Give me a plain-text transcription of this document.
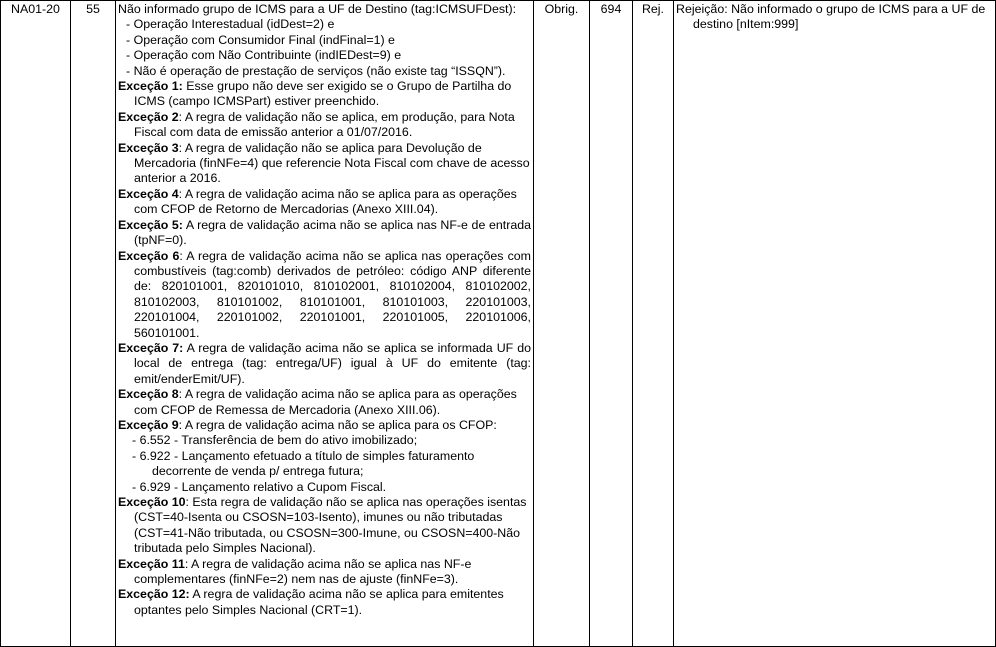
NA01-20	55	Não informado grupo de ICMS para a UF de Destino (tag:ICMSUFDest):
- Operação Interestadual (idDest=2) e
- Operação com Consumidor Final (indFinal=1) e
- Operação com Não Contribuinte (indIEDest=9) e
- Não é operação de prestação de serviços (não existe tag “ISSQN”).
Exceção 1: Esse grupo não deve ser exigido se o Grupo de Partilha do ICMS (campo ICMSPart) estiver preenchido.
Exceção 2: A regra de validação não se aplica, em produção, para Nota Fiscal com data de emissão anterior a 01/07/2016.
Exceção 3: A regra de validação não se aplica para Devolução de Mercadoria (finNFe=4) que referencie Nota Fiscal com chave de acesso anterior a 2016.
Exceção 4: A regra de validação acima não se aplica para as operações com CFOP de Retorno de Mercadorias (Anexo XIII.04).
Exceção 5: A regra de validação acima não se aplica nas NF-e de entrada (tpNF=0).
Exceção 6: A regra de validação acima não se aplica nas operações com combustíveis (tag:comb) derivados de petróleo: código ANP diferente de: 820101001, 820101010, 810102001, 810102004, 810102002, 810102003, 810101002, 810101001, 810101003, 220101003, 220101004, 220101002, 220101001, 220101005, 220101006, 560101001.
Exceção 7: A regra de validação acima não se aplica se informada UF do local de entrega (tag: entrega/UF) igual à UF do emitente (tag: emit/enderEmit/UF).
Exceção 8: A regra de validação acima não se aplica para as operações com CFOP de Remessa de Mercadoria (Anexo XIII.06).
Exceção 9: A regra de validação acima não se aplica para os CFOP:
- 6.552 - Transferência de bem do ativo imobilizado;
- 6.922 - Lançamento efetuado a título de simples faturamento decorrente de venda p/ entrega futura;
- 6.929 - Lançamento relativo a Cupom Fiscal.
Exceção 10: Esta regra de validação não se aplica nas operações isentas (CST=40-Isenta ou CSOSN=103-Isento), imunes ou não tributadas (CST=41-Não tributada, ou CSOSN=300-Imune, ou CSOSN=400-Não tributada pelo Simples Nacional).
Exceção 11: A regra de validação acima não se aplica nas NF-e complementares (finNFe=2) nem nas de ajuste (finNFe=3).
Exceção 12: A regra de validação acima não se aplica para emitentes optantes pelo Simples Nacional (CRT=1).
	Obrig.	694	Rej.	Rejeição: Não informado o grupo de ICMS para a UF de destino [nItem:999]
